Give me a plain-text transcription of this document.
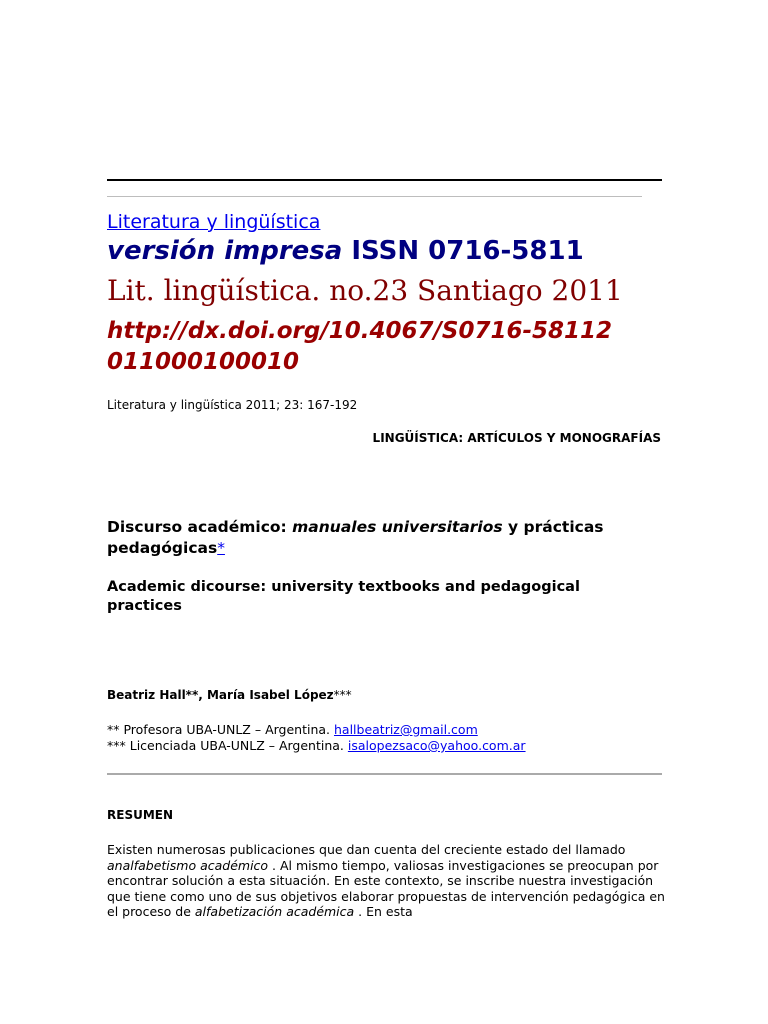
Literatura y lingüística
versión impresa ISSN 0716-5811
Lit. lingüística. no.23 Santiago 2011
http://dx.doi.org/10.4067/S0716-58112011000100010
Literatura y lingüística 2011; 23: 167-192
LINGÜÍSTICA: ARTÍCULOS Y MONOGRAFÍAS
Discurso académico: manuales universitarios y prácticas pedagógicas*
Academic dicourse: university textbooks and pedagogical practices
Beatriz Hall**, María Isabel López***
** Profesora UBA-UNLZ – Argentina. hallbeatriz@gmail.com
*** Licenciada UBA-UNLZ – Argentina. isalopezsaco@yahoo.com.ar
RESUMEN
Existen numerosas publicaciones que dan cuenta del creciente estado del llamado analfabetismo académico . Al mismo tiempo, valiosas investigaciones se preocupan por encontrar solución a esta situación. En este contexto, se inscribe nuestra investigación que tiene como uno de sus objetivos elaborar propuestas de intervención pedagógica en el proceso de alfabetización académica . En esta
